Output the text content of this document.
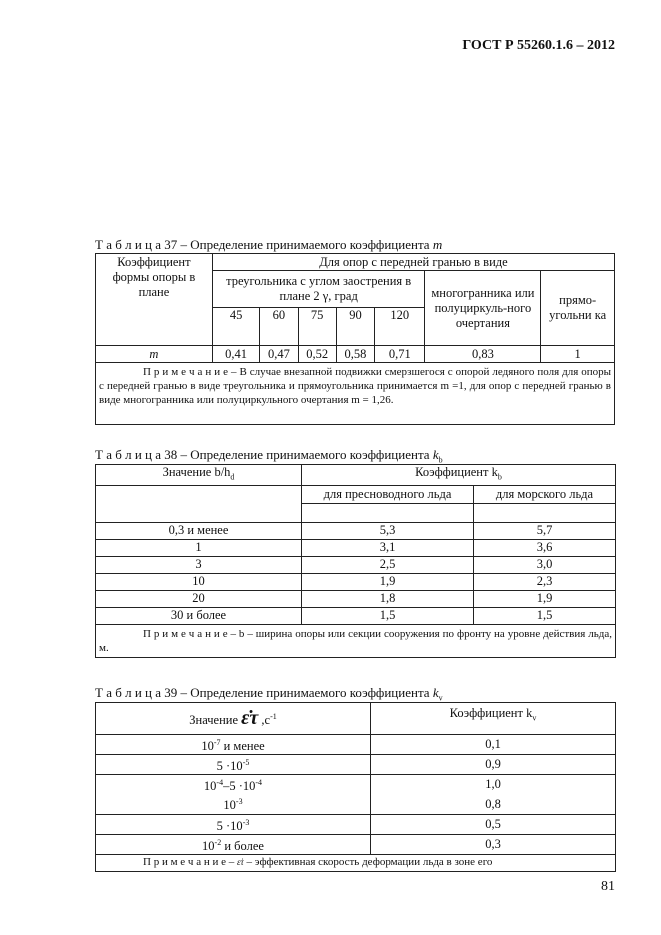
ГОСТ Р 55260.1.6 – 2012
Т а б л и ц а 37 – Определение принимаемого коэффициента m
Коэффициент формы опоры в плане	Для опор с передней гранью в виде						
	треугольника с углом заострения в плане 2 γ, град					многогранника или полуциркуль-ного очертания	прямо-угольни ка
	45	60	75	90	120		
m	0,41	0,47	0,52	0,58	0,71	0,83	1
    П р и м е ч а н и е – В случае внезапной подвижки смерзшегося с опорой ледяного поля для опоры с передней гранью в виде треугольника и прямоугольника принимается m =1, для опор с передней гранью в виде многогранника или полуциркульного очертания m = 1,26.							
Т а б л и ц а 38 – Определение принимаемого коэффициента $k_b$
Значение $b/h_d$	Коэффициент $k_b$
	для пресноводного льда	для морского льда

0,3 и менее	5,3	5,7
1	3,1	3,6
3	2,5	3,0
10	1,9	2,3
20	1,8	1,9
30 и более	1,5	1,5
    П р и м е ч а н и е – b – ширина опоры или секции сооружения по фронту на уровне действия льда, м.		
Т а б л и ц а 39 – Определение принимаемого коэффициента $k_v$
Значение ε̇τ $,с^{-1}$	Коэффициент $k_v$
$10^{-7}$ и менее	0,1
$5 \cdot 10^{-5}$	0,9
$10^{-4}-5 \cdot 10^{-4}$	1,0
$10^{-3}$	0,8
$5 \cdot 10^{-3}$	0,5
$10^{-2}$ и более	0,3
    П р и м е ч а н и е – ε̇τ – эффективная скорость деформации льда в зоне его	
81
